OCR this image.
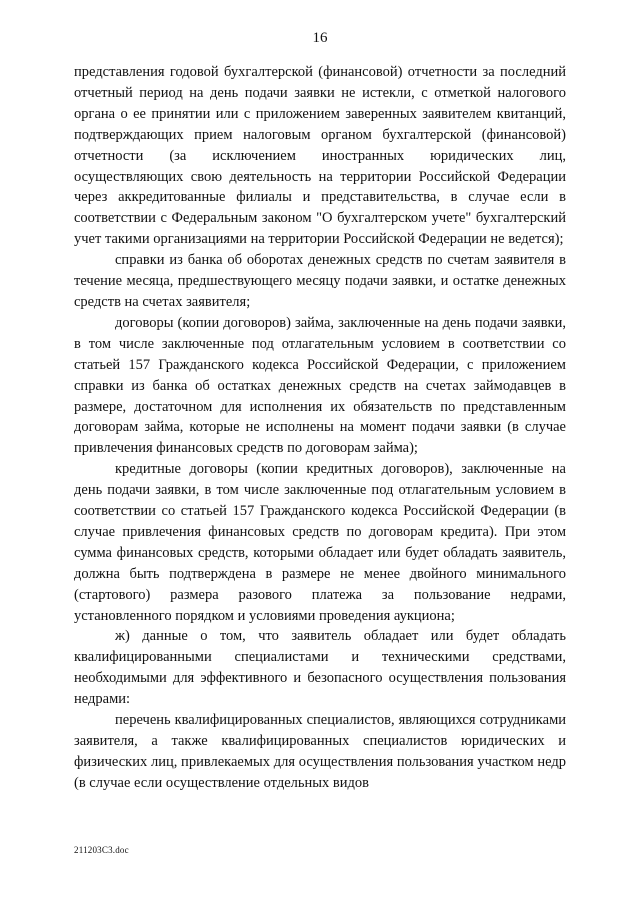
16

представления годовой бухгалтерской (финансовой) отчетности за последний отчетный период на день подачи заявки не истекли, с отметкой налогового органа о ее принятии или с приложением заверенных заявителем квитанций, подтверждающих прием налоговым органом бухгалтерской (финансовой) отчетности (за исключением иностранных юридических лиц, осуществляющих свою деятельность на территории Российской Федерации через аккредитованные филиалы и представительства, в случае если в соответствии с Федеральным законом "О бухгалтерском учете" бухгалтерский учет такими организациями на территории Российской Федерации не ведется);

справки из банка об оборотах денежных средств по счетам заявителя в течение месяца, предшествующего месяцу подачи заявки, и остатке денежных средств на счетах заявителя;

договоры (копии договоров) займа, заключенные на день подачи заявки, в том числе заключенные под отлагательным условием в соответствии со статьей 157 Гражданского кодекса Российской Федерации, с приложением справки из банка об остатках денежных средств на счетах займодавцев в размере, достаточном для исполнения их обязательств по представленным договорам займа, которые не исполнены на момент подачи заявки (в случае привлечения финансовых средств по договорам займа);

кредитные договоры (копии кредитных договоров), заключенные на день подачи заявки, в том числе заключенные под отлагательным условием в соответствии со статьей 157 Гражданского кодекса Российской Федерации (в случае привлечения финансовых средств по договорам кредита). При этом сумма финансовых средств, которыми обладает или будет обладать заявитель, должна быть подтверждена в размере не менее двойного минимального (стартового) размера разового платежа за пользование недрами, установленного порядком и условиями проведения аукциона;

ж) данные о том, что заявитель обладает или будет обладать квалифицированными специалистами и техническими средствами, необходимыми для эффективного и безопасного осуществления пользования недрами:

перечень квалифицированных специалистов, являющихся сотрудниками заявителя, а также квалифицированных специалистов юридических и физических лиц, привлекаемых для осуществления пользования участком недр (в случае если осуществление отдельных видов

211203C3.doc
